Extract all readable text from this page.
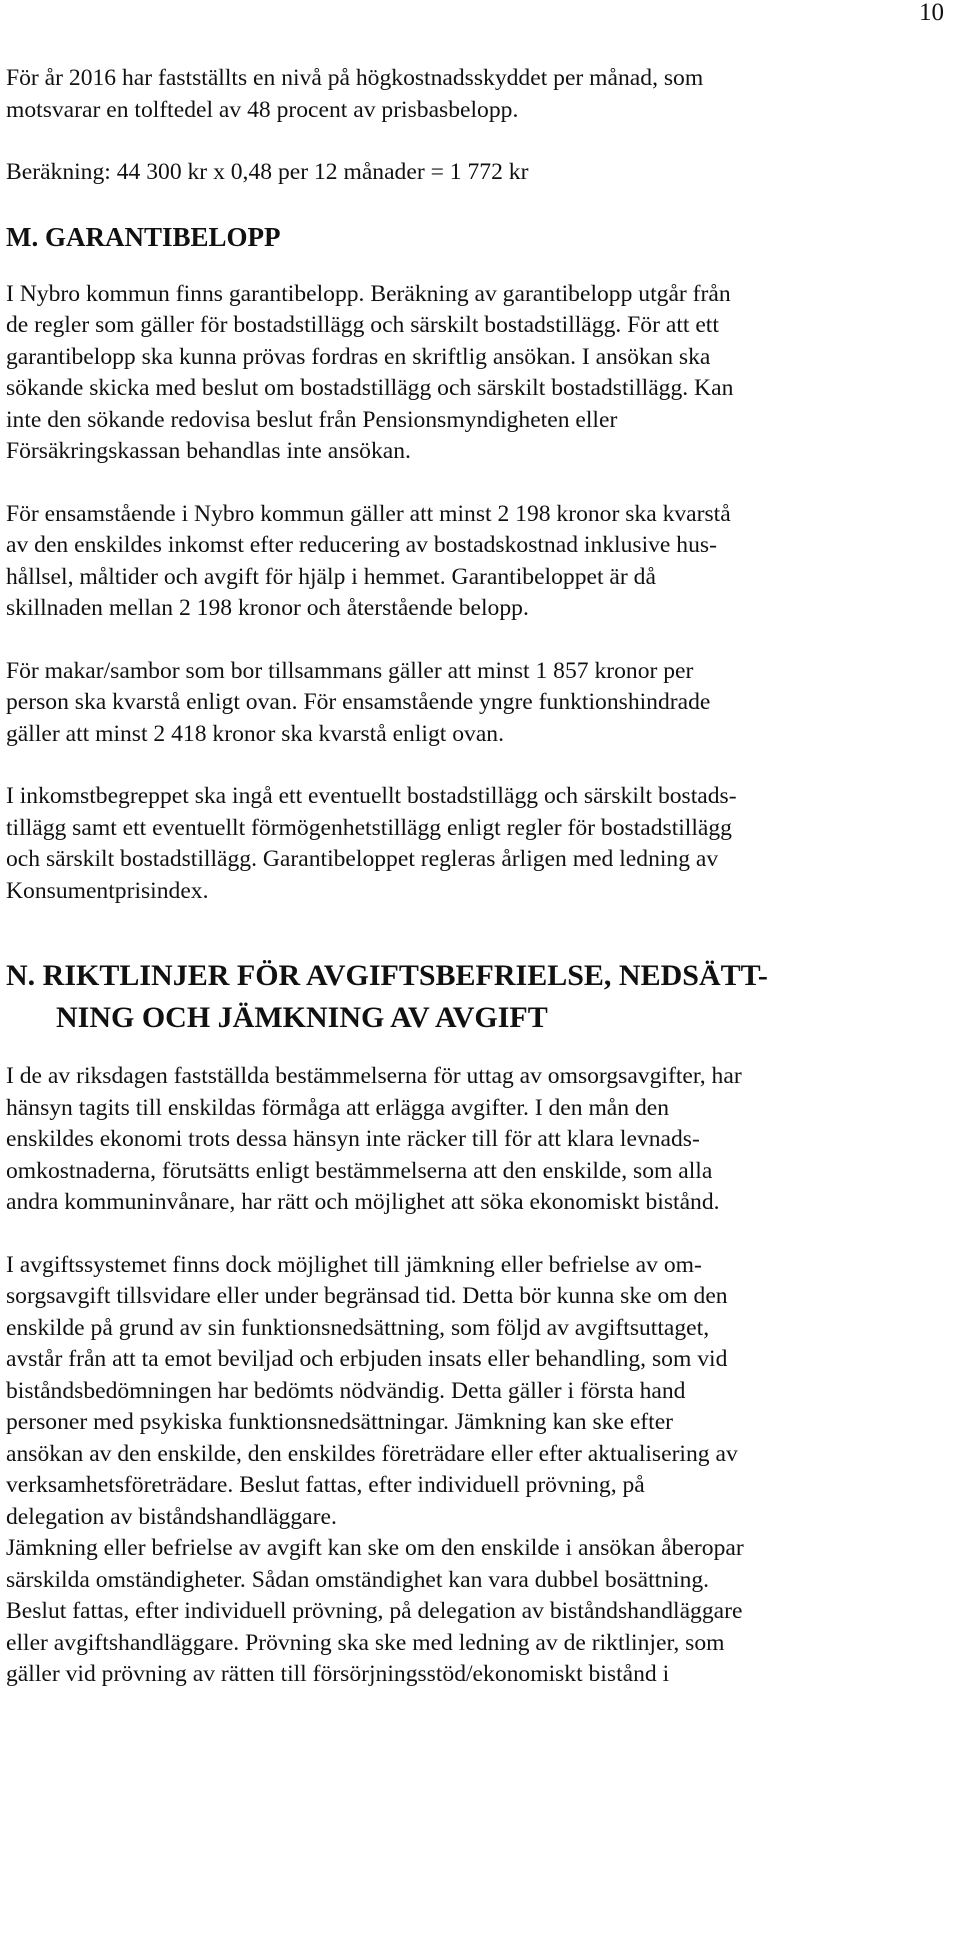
10

För år 2016 har fastställts en nivå på högkostnadsskyddet per månad, som
motsvarar en tolftedel av 48 procent av prisbasbelopp.

Beräkning: 44 300 kr x 0,48 per 12 månader = 1 772 kr

M. GARANTIBELOPP

I Nybro kommun finns garantibelopp. Beräkning av garantibelopp utgår från
de regler som gäller för bostadstillägg och särskilt bostadstillägg. För att ett
garantibelopp ska kunna prövas fordras en skriftlig ansökan. I ansökan ska
sökande skicka med beslut om bostadstillägg och särskilt bostadstillägg. Kan
inte den sökande redovisa beslut från Pensionsmyndigheten eller
Försäkringskassan behandlas inte ansökan.

För ensamstående i Nybro kommun gäller att minst 2 198 kronor ska kvarstå
av den enskildes inkomst efter reducering av bostadskostnad inklusive hus-
hållsel, måltider och avgift för hjälp i hemmet. Garantibeloppet är då
skillnaden mellan 2 198 kronor och återstående belopp.

För makar/sambor som bor tillsammans gäller att minst 1 857 kronor per
person ska kvarstå enligt ovan. För ensamstående yngre funktionshindrade
gäller att minst 2 418 kronor ska kvarstå enligt ovan.

I inkomstbegreppet ska ingå ett eventuellt bostadstillägg och särskilt bostads-
tillägg samt ett eventuellt förmögenhetstillägg enligt regler för bostadstillägg
och särskilt bostadstillägg. Garantibeloppet regleras årligen med ledning av
Konsumentprisindex.

N. RIKTLINJER FÖR AVGIFTSBEFRIELSE, NEDSÄTT-
NING OCH JÄMKNING AV AVGIFT

I de av riksdagen fastställda bestämmelserna för uttag av omsorgsavgifter, har
hänsyn tagits till enskildas förmåga att erlägga avgifter. I den mån den
enskildes ekonomi trots dessa hänsyn inte räcker till för att klara levnads-
omkostnaderna, förutsätts enligt bestämmelserna att den enskilde, som alla
andra kommuninvånare, har rätt och möjlighet att söka ekonomiskt bistånd.

I avgiftssystemet finns dock möjlighet till jämkning eller befrielse av om-
sorgsavgift tillsvidare eller under begränsad tid. Detta bör kunna ske om den
enskilde på grund av sin funktionsnedsättning, som följd av avgiftsuttaget,
avstår från att ta emot beviljad och erbjuden insats eller behandling, som vid
biståndsbedömningen har bedömts nödvändig. Detta gäller i första hand
personer med psykiska funktionsnedsättningar. Jämkning kan ske efter
ansökan av den enskilde, den enskildes företrädare eller efter aktualisering av
verksamhetsföreträdare. Beslut fattas, efter individuell prövning, på
delegation av biståndshandläggare.

Jämkning eller befrielse av avgift kan ske om den enskilde i ansökan åberopar
särskilda omständigheter. Sådan omständighet kan vara dubbel bosättning.
Beslut fattas, efter individuell prövning, på delegation av biståndshandläggare
eller avgiftshandläggare. Prövning ska ske med ledning av de riktlinjer, som
gäller vid prövning av rätten till försörjningsstöd/ekonomiskt bistånd i
